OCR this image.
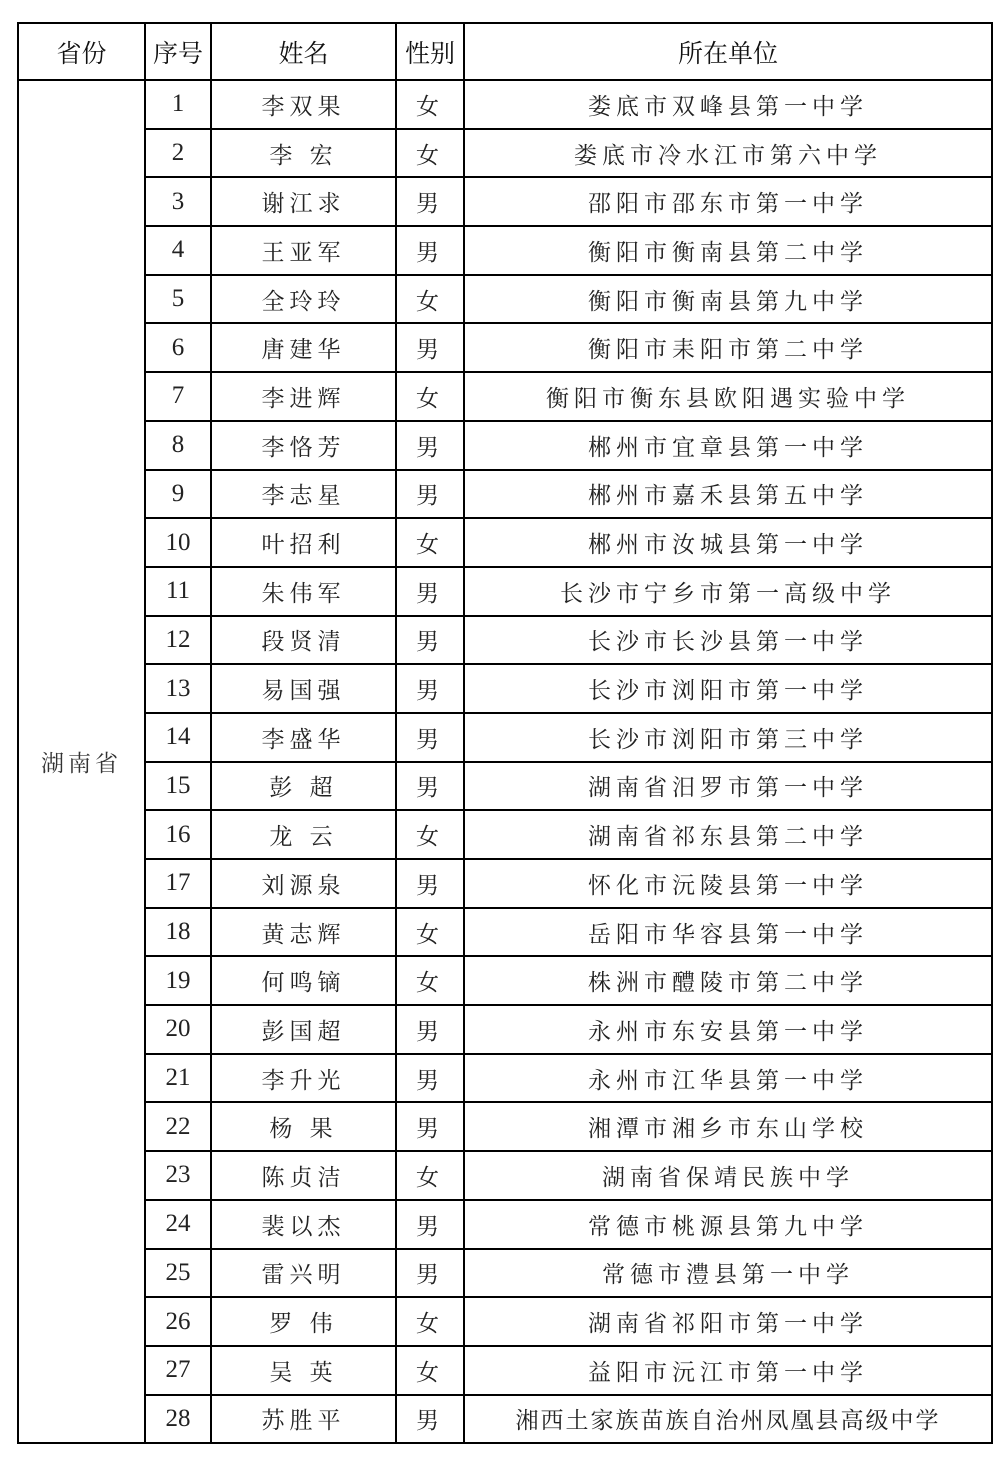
省份	序号	姓名	性别	所在单位
湖南省	1	李双果	女	娄底市双峰县第一中学
	2	李 宏	女	娄底市冷水江市第六中学
	3	谢江求	男	邵阳市邵东市第一中学
	4	王亚军	男	衡阳市衡南县第二中学
	5	全玲玲	女	衡阳市衡南县第九中学
	6	唐建华	男	衡阳市耒阳市第二中学
	7	李进辉	女	衡阳市衡东县欧阳遇实验中学
	8	李恪芳	男	郴州市宜章县第一中学
	9	李志星	男	郴州市嘉禾县第五中学
	10	叶招利	女	郴州市汝城县第一中学
	11	朱伟军	男	长沙市宁乡市第一高级中学
	12	段贤清	男	长沙市长沙县第一中学
	13	易国强	男	长沙市浏阳市第一中学
	14	李盛华	男	长沙市浏阳市第三中学
	15	彭 超	男	湖南省汨罗市第一中学
	16	龙 云	女	湖南省祁东县第二中学
	17	刘源泉	男	怀化市沅陵县第一中学
	18	黄志辉	女	岳阳市华容县第一中学
	19	何鸣镝	女	株洲市醴陵市第二中学
	20	彭国超	男	永州市东安县第一中学
	21	李升光	男	永州市江华县第一中学
	22	杨 果	男	湘潭市湘乡市东山学校
	23	陈贞洁	女	湖南省保靖民族中学
	24	裴以杰	男	常德市桃源县第九中学
	25	雷兴明	男	常德市澧县第一中学
	26	罗 伟	女	湖南省祁阳市第一中学
	27	吴 英	女	益阳市沅江市第一中学
	28	苏胜平	男	湘西土家族苗族自治州凤凰县高级中学
